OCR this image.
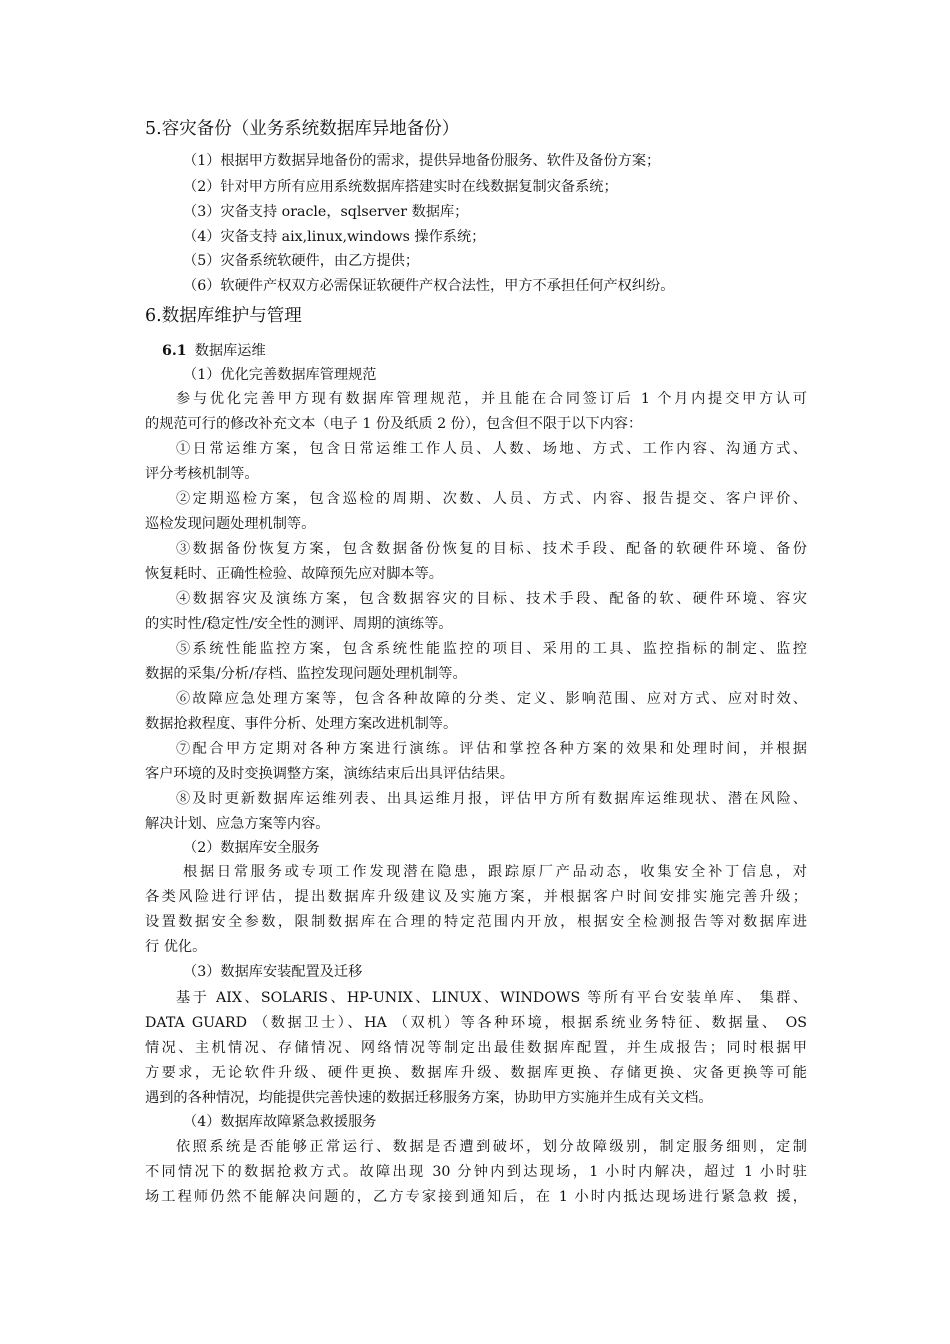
5.容灾备份（业务系统数据库异地备份）
（1）根据甲方数据异地备份的需求，提供异地备份服务、软件及备份方案；
（2）针对甲方所有应用系统数据库搭建实时在线数据复制灾备系统；
（3）灾备支持 oracle，sqlserver 数据库；
（4）灾备支持 aix,linux,windows 操作系统；
（5）灾备系统软硬件，由乙方提供；
（6）软硬件产权双方必需保证软硬件产权合法性，甲方不承担任何产权纠纷。
6.数据库维护与管理
6.1 数据库运维
（1）优化完善数据库管理规范
参与优化完善甲方现有数据库管理规范，并且能在合同签订后 1 个月内提交甲方认可
的规范可行的修改补充文本（电子 1 份及纸质 2 份），包含但不限于以下内容：
①日常运维方案，包含日常运维工作人员、人数、场地、方式、工作内容、沟通方式、
评分考核机制等。
②定期巡检方案，包含巡检的周期、次数、人员、方式、内容、报告提交、客户评价、
巡检发现问题处理机制等。
③数据备份恢复方案，包含数据备份恢复的目标、技术手段、配备的软硬件环境、备份
恢复耗时、正确性检验、故障预先应对脚本等。
④数据容灾及演练方案，包含数据容灾的目标、技术手段、配备的软、硬件环境、容灾
的实时性/稳定性/安全性的测评、周期的演练等。
⑤系统性能监控方案，包含系统性能监控的项目、采用的工具、监控指标的制定、监控
数据的采集/分析/存档、监控发现问题处理机制等。
⑥故障应急处理方案等，包含各种故障的分类、定义、影响范围、应对方式、应对时效、
数据抢救程度、事件分析、处理方案改进机制等。
⑦配合甲方定期对各种方案进行演练。评估和掌控各种方案的效果和处理时间，并根据
客户环境的及时变换调整方案，演练结束后出具评估结果。
⑧及时更新数据库运维列表、出具运维月报，评估甲方所有数据库运维现状、潜在风险、
解决计划、应急方案等内容。
（2）数据库安全服务
根据日常服务或专项工作发现潜在隐患，跟踪原厂产品动态，收集安全补丁信息，对
各类风险进行评估，提出数据库升级建议及实施方案，并根据客户时间安排实施完善升级；
设置数据安全参数，限制数据库在合理的特定范围内开放，根据安全检测报告等对数据库进
行 优化。
（3）数据库安装配置及迁移
基于 AIX、SOLARIS、HP-UNIX、LINUX、WINDOWS 等所有平台安装单库、 集群、
DATA GUARD （数据卫士）、HA （双机）等各种环境，根据系统业务特征、数据量、 OS
情况、主机情况、存储情况、网络情况等制定出最佳数据库配置，并生成报告；同时根据甲
方要求，无论软件升级、硬件更换、数据库升级、数据库更换、存储更换、灾备更换等可能
遇到的各种情况，均能提供完善快速的数据迁移服务方案，协助甲方实施并生成有关文档。
（4）数据库故障紧急救援服务
依照系统是否能够正常运行、数据是否遭到破坏，划分故障级别，制定服务细则，定制
不同情况下的数据抢救方式。故障出现 30 分钟内到达现场，1 小时内解决，超过 1 小时驻
场工程师仍然不能解决问题的，乙方专家接到通知后，在 1 小时内抵达现场进行紧急救 援，
